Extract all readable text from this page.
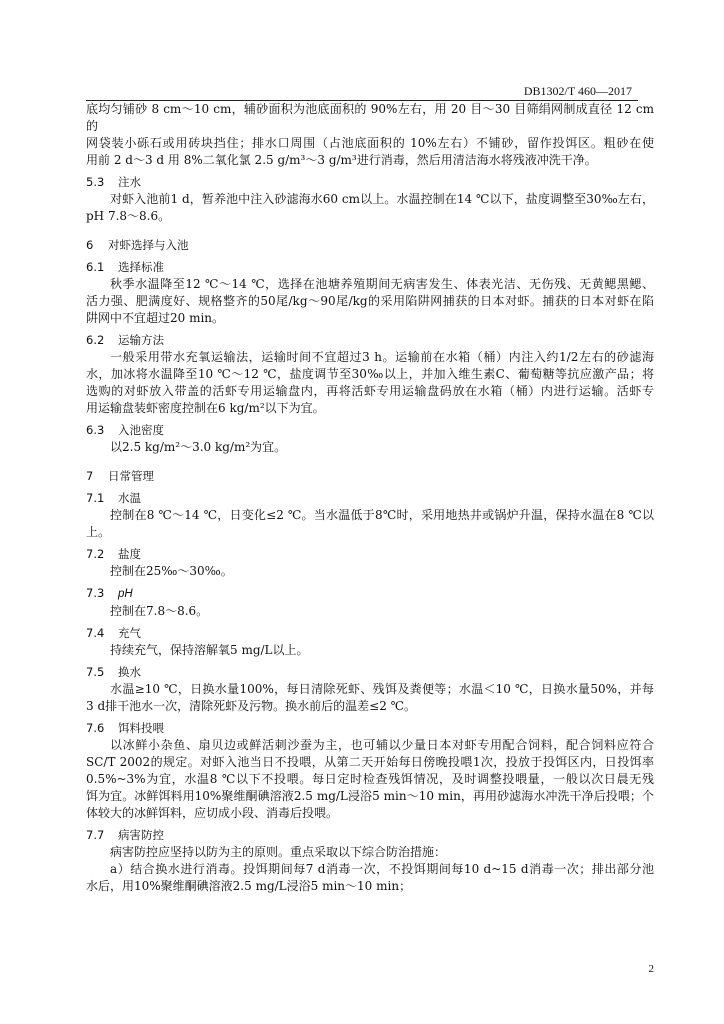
DB1302/T 460—2017
底均匀铺砂 8 cm～10 cm，辅砂面积为池底面积的 90%左右，用 20 目～30 目筛绢网制成直径 12 cm 的
网袋装小砾石或用砖块挡住；排水口周围（占池底面积的 10%左右）不铺砂，留作投饵区。粗砂在使
用前 2 d～3 d 用 8%二氧化氯 2.5 g/m³～3 g/m³进行消毒，然后用清洁海水将残液冲洗干净。
5.3 注水
对虾入池前1 d，暂养池中注入砂滤海水60 cm以上。水温控制在14 ℃以下，盐度调整至30‰左右，
pH 7.8～8.6。
6 对虾选择与入池
6.1 选择标准
秋季水温降至12 ℃～14 ℃，选择在池塘养殖期间无病害发生、体表光洁、无伤残、无黄鳃黑鳃、
活力强、肥满度好、规格整齐的50尾/kg～90尾/kg的采用陷阱网捕获的日本对虾。捕获的日本对虾在陷
阱网中不宜超过20 min。
6.2 运输方法
一般采用带水充氧运输法，运输时间不宜超过3 h。运输前在水箱（桶）内注入约1/2左右的砂滤海
水，加冰将水温降至10 ℃～12 ℃，盐度调节至30‰以上，并加入维生素C、葡萄糖等抗应激产品；将
选购的对虾放入带盖的活虾专用运输盘内，再将活虾专用运输盘码放在水箱（桶）内进行运输。活虾专
用运输盘装虾密度控制在6 kg/m²以下为宜。
6.3 入池密度
以2.5 kg/m²～3.0 kg/m²为宜。
7 日常管理
7.1 水温
控制在8 ℃～14 ℃，日变化≤2 ℃。当水温低于8℃时，采用地热井或锅炉升温，保持水温在8 ℃以
上。
7.2 盐度
控制在25‰～30‰。
7.3 pH
控制在7.8～8.6。
7.4 充气
持续充气，保持溶解氧5 mg/L以上。
7.5 换水
水温≥10 ℃，日换水量100%，每日清除死虾、残饵及粪便等；水温＜10 ℃，日换水量50%，并每
3 d排干池水一次，清除死虾及污物。换水前后的温差≤2 ℃。
7.6 饵料投喂
以冰鲜小杂鱼、扇贝边或鲜活刺沙蚕为主，也可辅以少量日本对虾专用配合饲料，配合饲料应符合
SC/T 2002的规定。对虾入池当日不投喂，从第二天开始每日傍晚投喂1次，投放于投饵区内，日投饵率
0.5%~3%为宜，水温8 ℃以下不投喂。每日定时检查残饵情况，及时调整投喂量，一般以次日晨无残
饵为宜。冰鲜饵料用10%聚维酮碘溶液2.5 mg/L浸浴5 min～10 min，再用砂滤海水冲洗干净后投喂；个
体较大的冰鲜饵料，应切成小段、消毒后投喂。
7.7 病害防控
病害防控应坚持以防为主的原则。重点采取以下综合防治措施：
a）结合换水进行消毒。投饵期间每7 d消毒一次，不投饵期间每10 d~15 d消毒一次；排出部分池
水后，用10%聚维酮碘溶液2.5 mg/L浸浴5 min～10 min；
2
